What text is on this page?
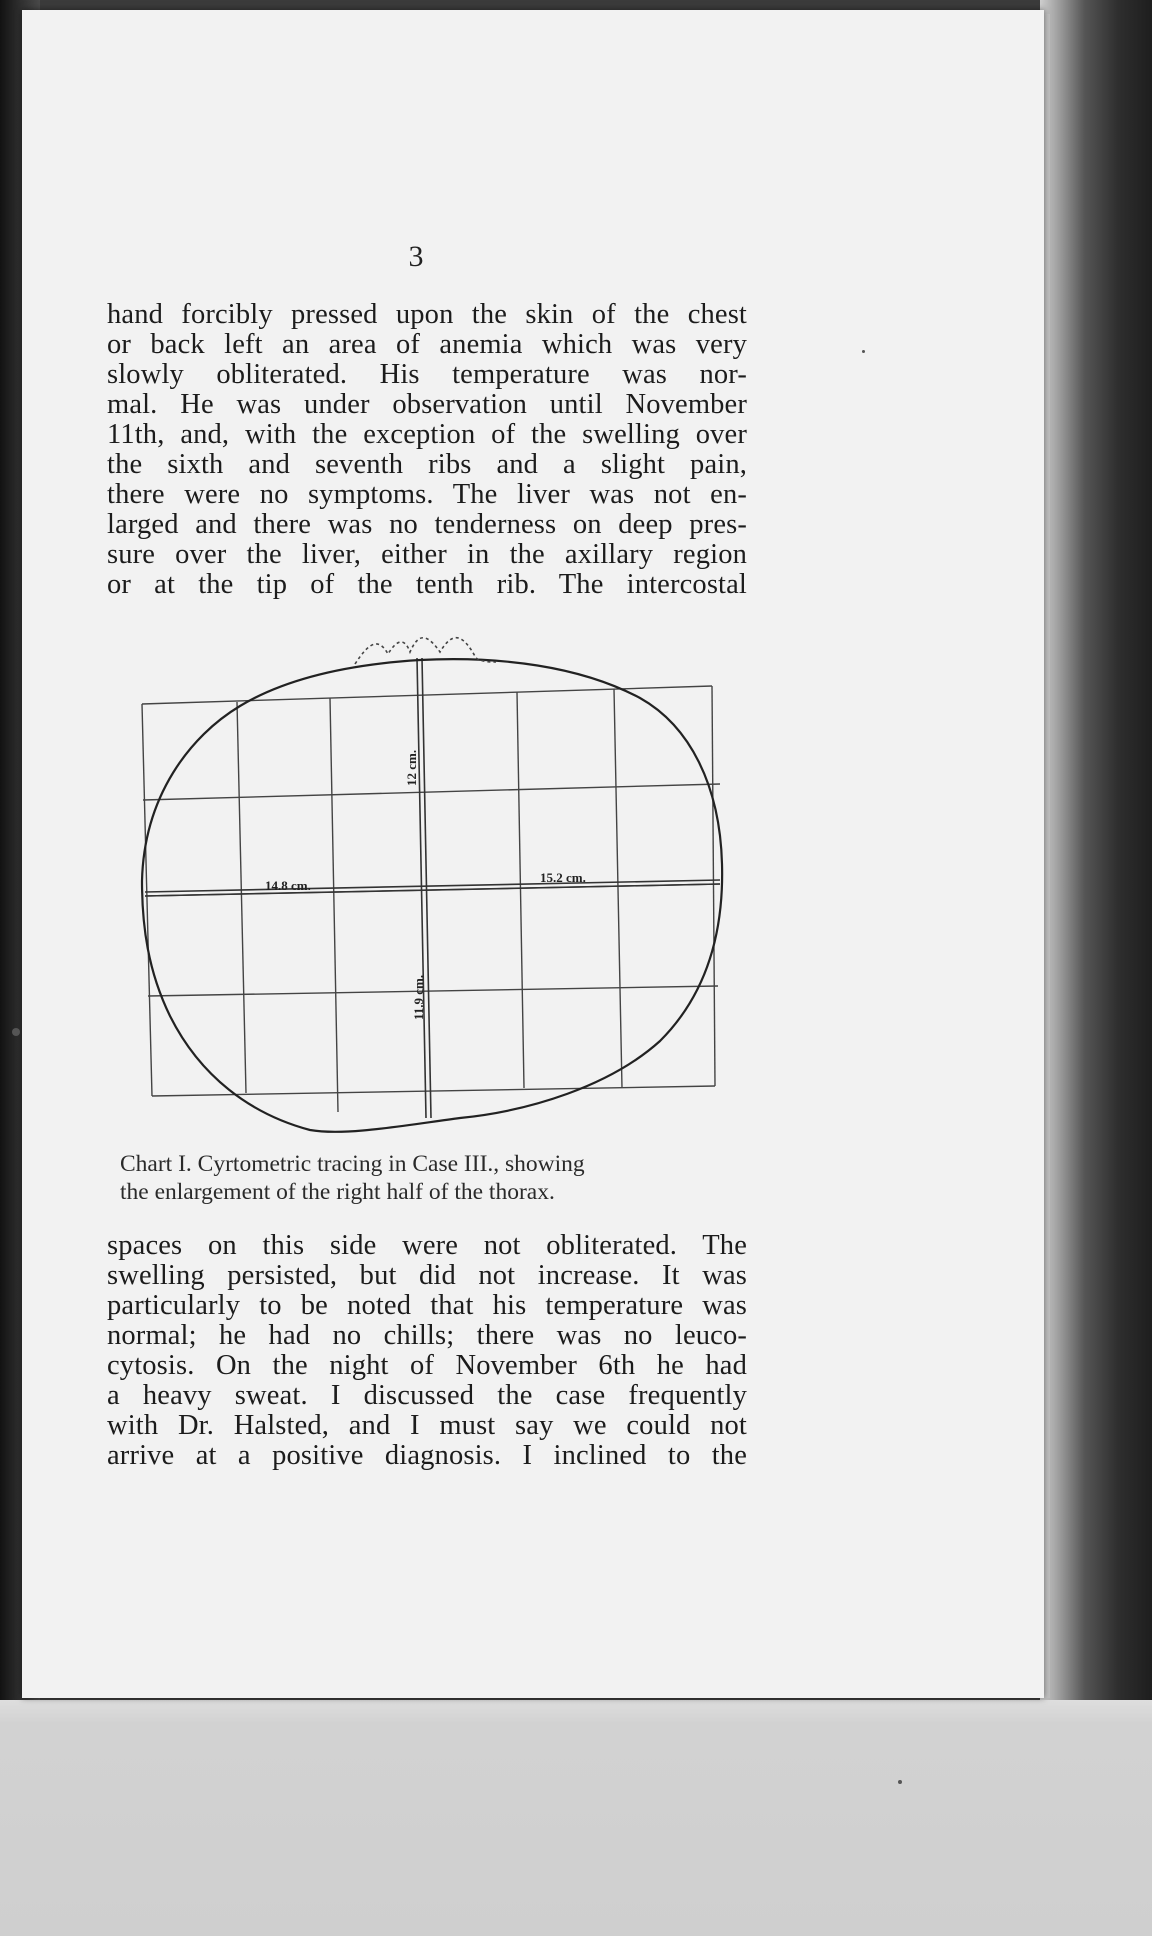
3
hand forcibly pressed upon the skin of the chest
or back left an area of anemia which was very
slowly obliterated. His temperature was nor-
mal. He was under observation until November
11th, and, with the exception of the swelling over
the sixth and seventh ribs and a slight pain,
there were no symptoms. The liver was not en-
larged and there was no tenderness on deep pres-
sure over the liver, either in the axillary region
or at the tip of the tenth rib. The intercostal
12 cm.
11.9 cm.
14.8 cm.
15.2 cm.
Chart I. Cyrtometric tracing in Case III., showing
the enlargement of the right half of the thorax.
spaces on this side were not obliterated. The
swelling persisted, but did not increase. It was
particularly to be noted that his temperature was
normal; he had no chills; there was no leuco-
cytosis. On the night of November 6th he had
a heavy sweat. I discussed the case frequently
with Dr. Halsted, and I must say we could not
arrive at a positive diagnosis. I inclined to the
